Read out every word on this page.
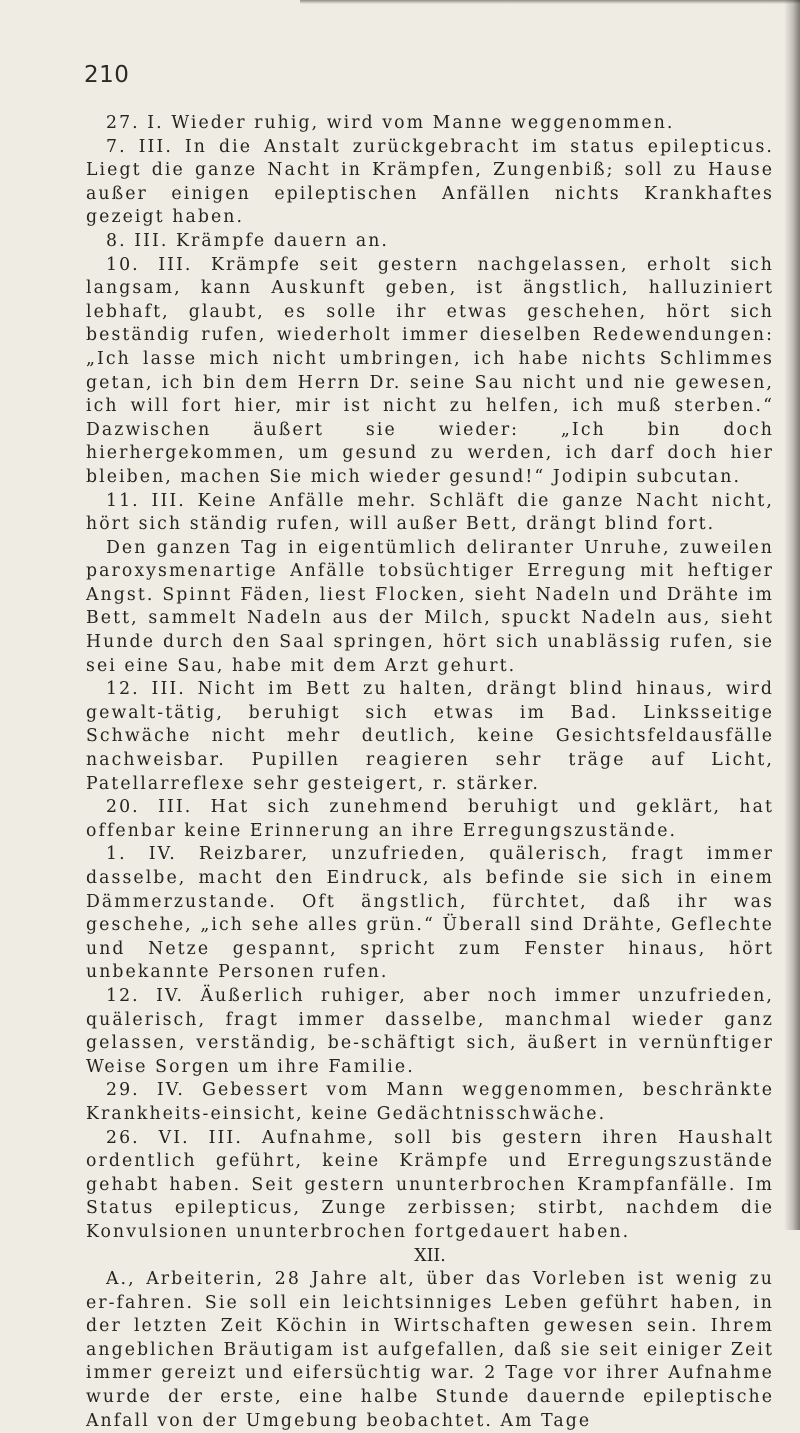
210

27. I. Wieder ruhig, wird vom Manne weggenommen.

7. III. In die Anstalt zurückgebracht im status epilepticus. Liegt die ganze Nacht in Krämpfen, Zungenbiß; soll zu Hause außer einigen epileptischen Anfällen nichts Krankhaftes gezeigt haben.

8. III. Krämpfe dauern an.

10. III. Krämpfe seit gestern nachgelassen, erholt sich langsam, kann Auskunft geben, ist ängstlich, halluziniert lebhaft, glaubt, es solle ihr etwas geschehen, hört sich beständig rufen, wiederholt immer dieselben Redewendungen: „Ich lasse mich nicht umbringen, ich habe nichts Schlimmes getan, ich bin dem Herrn Dr. seine Sau nicht und nie gewesen, ich will fort hier, mir ist nicht zu helfen, ich muß sterben.“ Dazwischen äußert sie wieder: „Ich bin doch hierhergekommen, um gesund zu werden, ich darf doch hier bleiben, machen Sie mich wieder gesund!“ Jodipin subcutan.

11. III. Keine Anfälle mehr. Schläft die ganze Nacht nicht, hört sich ständig rufen, will außer Bett, drängt blind fort.

Den ganzen Tag in eigentümlich deliranter Unruhe, zuweilen paroxysmenartige Anfälle tobsüchtiger Erregung mit heftiger Angst. Spinnt Fäden, liest Flocken, sieht Nadeln und Drähte im Bett, sammelt Nadeln aus der Milch, spuckt Nadeln aus, sieht Hunde durch den Saal springen, hört sich unablässig rufen, sie sei eine Sau, habe mit dem Arzt gehurt.

12. III. Nicht im Bett zu halten, drängt blind hinaus, wird gewalt-tätig, beruhigt sich etwas im Bad. Linksseitige Schwäche nicht mehr deutlich, keine Gesichtsfeldausfälle nachweisbar. Pupillen reagieren sehr träge auf Licht, Patellarreflexe sehr gesteigert, r. stärker.

20. III. Hat sich zunehmend beruhigt und geklärt, hat offenbar keine Erinnerung an ihre Erregungszustände.

1. IV. Reizbarer, unzufrieden, quälerisch, fragt immer dasselbe, macht den Eindruck, als befinde sie sich in einem Dämmerzustande. Oft ängstlich, fürchtet, daß ihr was geschehe, „ich sehe alles grün.“ Überall sind Drähte, Geflechte und Netze gespannt, spricht zum Fenster hinaus, hört unbekannte Personen rufen.

12. IV. Äußerlich ruhiger, aber noch immer unzufrieden, quälerisch, fragt immer dasselbe, manchmal wieder ganz gelassen, verständig, be-schäftigt sich, äußert in vernünftiger Weise Sorgen um ihre Familie.

29. IV. Gebessert vom Mann weggenommen, beschränkte Krankheits-einsicht, keine Gedächtnisschwäche.

26. VI. III. Aufnahme, soll bis gestern ihren Haushalt ordentlich geführt, keine Krämpfe und Erregungszustände gehabt haben. Seit gestern ununterbrochen Krampfanfälle. Im Status epilepticus, Zunge zerbissen; stirbt, nachdem die Konvulsionen ununterbrochen fortgedauert haben.

XII.

A., Arbeiterin, 28 Jahre alt, über das Vorleben ist wenig zu er-fahren. Sie soll ein leichtsinniges Leben geführt haben, in der letzten Zeit Köchin in Wirtschaften gewesen sein. Ihrem angeblichen Bräutigam ist aufgefallen, daß sie seit einiger Zeit immer gereizt und eifersüchtig war. 2 Tage vor ihrer Aufnahme wurde der erste, eine halbe Stunde dauernde epileptische Anfall von der Umgebung beobachtet. Am Tage
